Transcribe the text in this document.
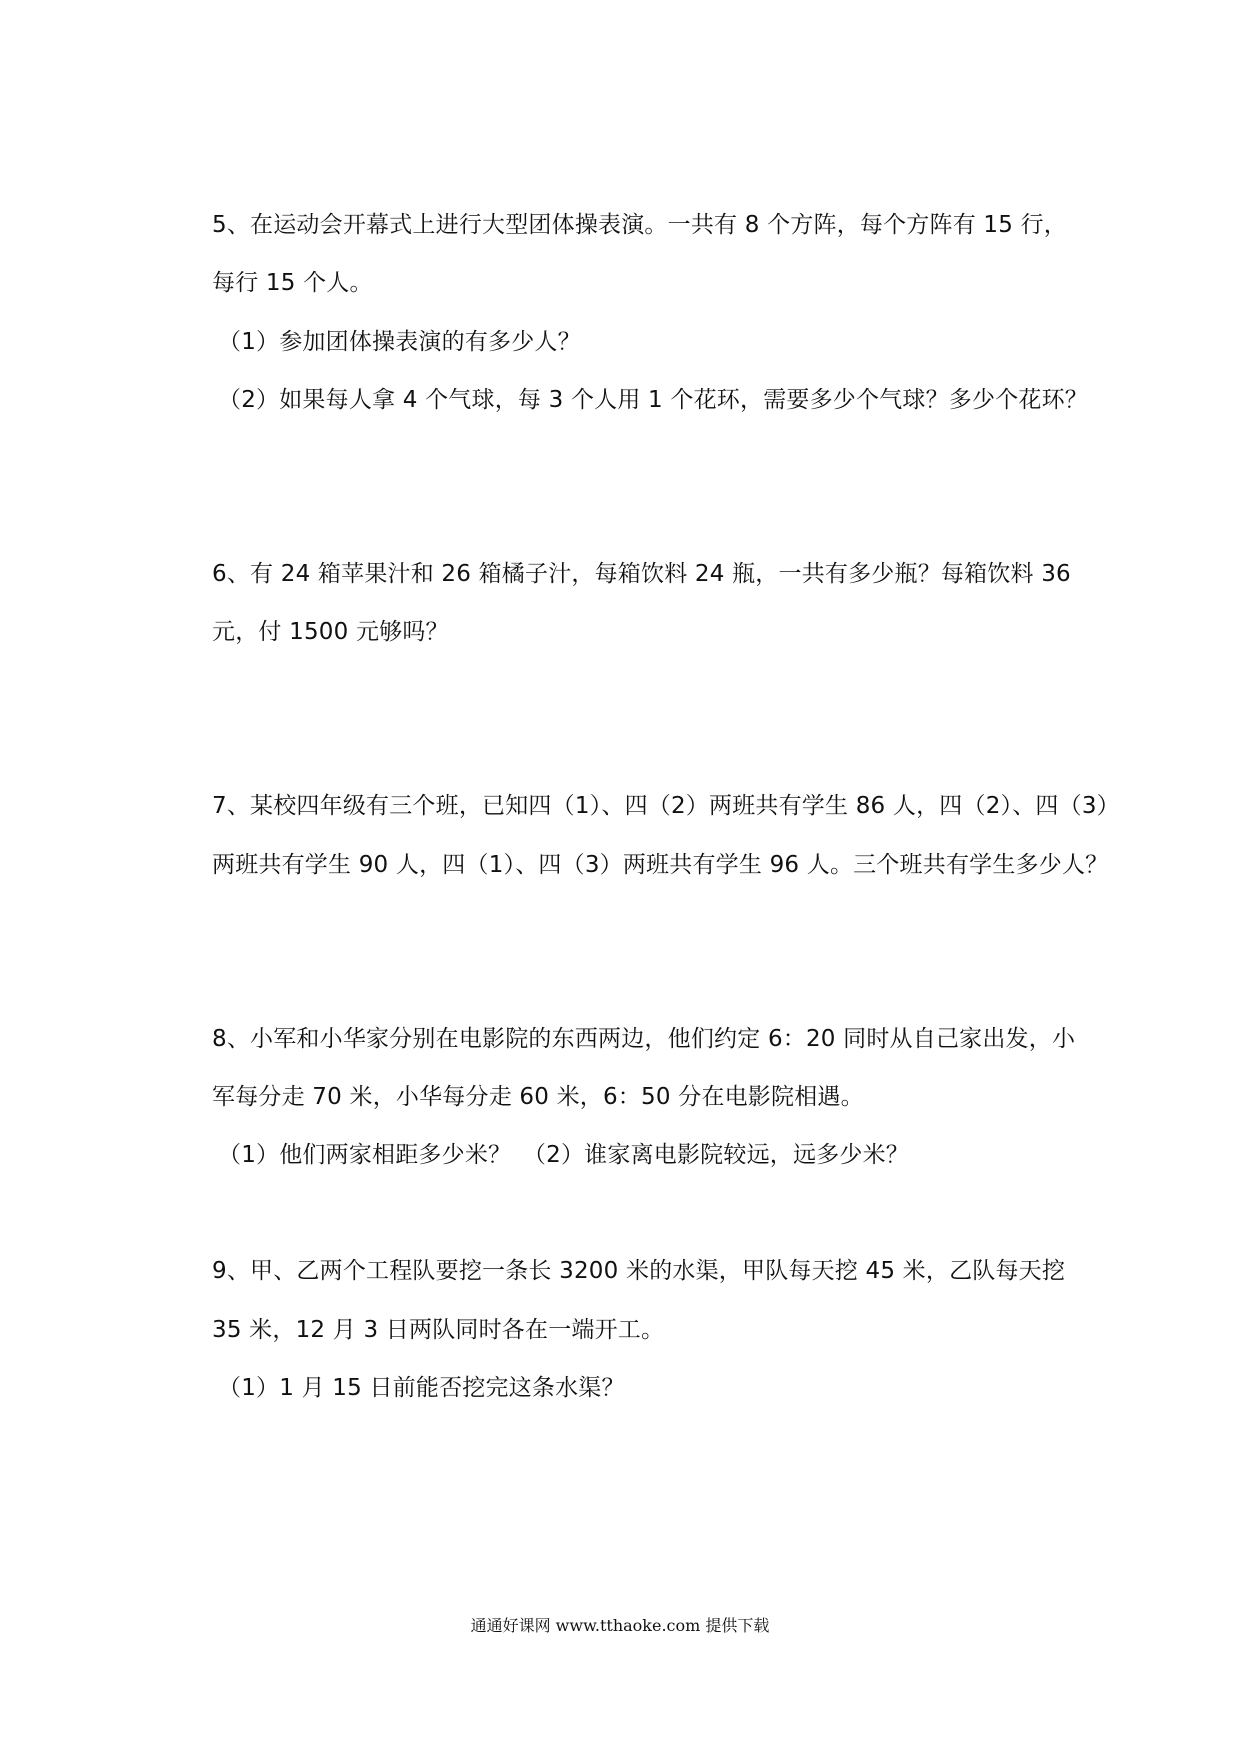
5、在运动会开幕式上进行大型团体操表演。一共有 8 个方阵，每个方阵有 15 行，
每行 15 个人。
（1）参加团体操表演的有多少人？
（2）如果每人拿 4 个气球，每 3 个人用 1 个花环，需要多少个气球？多少个花环？
6、有 24 箱苹果汁和 26 箱橘子汁，每箱饮料 24 瓶，一共有多少瓶？每箱饮料 36
元，付 1500 元够吗？
7、某校四年级有三个班，已知四（1）、四（2）两班共有学生 86 人，四（2）、四（3）
两班共有学生 90 人，四（1）、四（3）两班共有学生 96 人。三个班共有学生多少人？
8、小军和小华家分别在电影院的东西两边，他们约定 6：20 同时从自己家出发，小
军每分走 70 米，小华每分走 60 米，6：50 分在电影院相遇。
（1）他们两家相距多少米？　（2）谁家离电影院较远，远多少米？
9、甲、乙两个工程队要挖一条长 3200 米的水渠，甲队每天挖 45 米，乙队每天挖
35 米，12 月 3 日两队同时各在一端开工。
（1）1 月 15 日前能否挖完这条水渠？
通通好课网 www.tthaoke.com 提供下载
